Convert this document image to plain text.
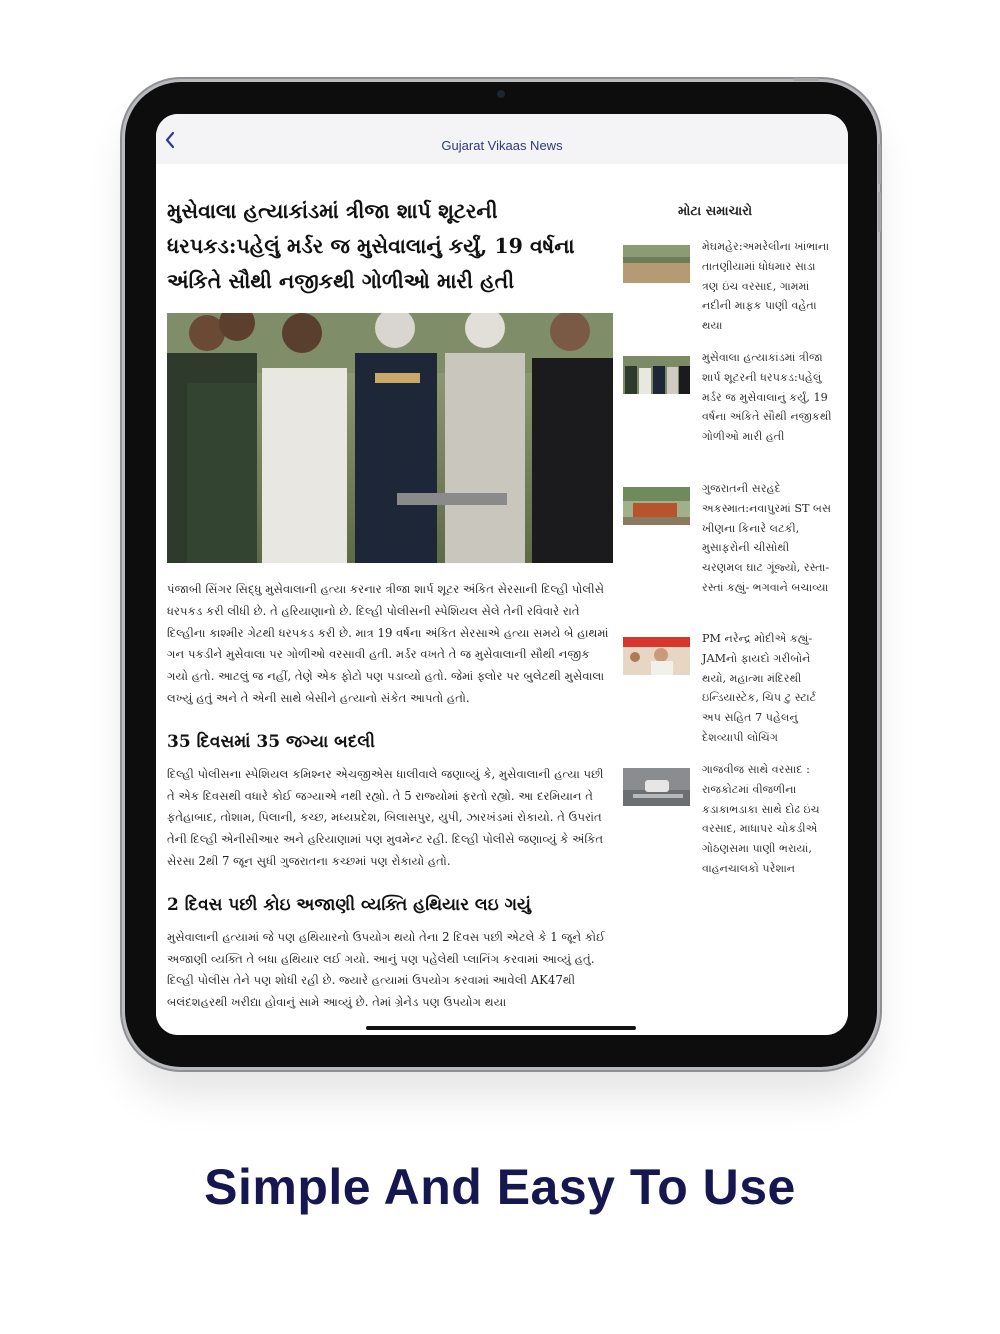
Gujarat Vikaas News
મુસેવાલા હત્યાકાંડમાં ત્રીજા શાર્પ શૂટરની ધરપકડ:પહેલું મર્ડર જ મુસેવાલાનું કર્યું, 19 વર્ષના અંકિતે સૌથી નજીકથી ગોળીઓ મારી હતી

પંજાબી સિંગર સિદ્ધુ મુસેવાલાની હત્યા કરનાર ત્રીજા શાર્પ શૂટર અંકિત સેરસાની દિલ્હી પોલીસે ધરપકડ કરી લીધી છે. તે હરિયાણાનો છે. દિલ્હી પોલીસની સ્પેશિયલ સેલે તેની રવિવારે રાતે દિલ્હીના કાશ્મીર ગેટથી ધરપકડ કરી છે. માત્ર 19 વર્ષના અંકિત સેરસાએ હત્યા સમયે બે હાથમાં ગન પકડીને મુસેવાલા પર ગોળીઓ વરસાવી હતી. મર્ડર વખતે તે જ મુસેવાલાની સૌથી નજીક ગયો હતો. આટલું જ નહીં, તેણે એક ફોટો પણ પડાવ્યો હતો. જેમાં ફ્લોર પર બુલેટથી મુસેવાલા લખ્યું હતું અને તે એની સાથે બેસીને હત્યાનો સંકેત આપતો હતો.

35 દિવસમાં 35 જગ્યા બદલી

દિલ્હી પોલીસના સ્પેશિયલ કમિશ્નર એચજીએસ ધાલીવાલે જણાવ્યું કે, મુસેવાલાની હત્યા પછી તે એક દિવસથી વધારે કોઈ જગ્યાએ નથી રહ્યો. તે 5 રાજ્યોમાં ફરતો રહ્યો. આ દરમિયાન તે ફતેહાબાદ, તોશામ, પિલાની, કચ્છ, મધ્યપ્રદેશ, બિલાસપુર, યુપી, ઝારખંડમાં રોકાયો. તે ઉપરાંત તેની દિલ્હી એનીસીઆર અને હરિયાણામાં પણ મુવમેન્ટ રહી. દિલ્હી પોલીસે જણાવ્યું કે અંકિત સેરસા 2થી 7 જૂન સુધી ગુજરાતના કચ્છમાં પણ રોકાયો હતો.

2 દિવસ પછી કોઇ અજાણી વ્યક્તિ હથિયાર લઇ ગયું

મુસેવાલાની હત્યામાં જે પણ હથિયારનો ઉપયોગ થયો તેના 2 દિવસ પછી એટલે કે 1 જૂને કોઈ અજાણી વ્યક્તિ તે બધા હથિયાર લઈ ગયો. આનું પણ પહેલેથી પ્લાનિંગ કરવામાં આવ્યું હતું. દિલ્હી પોલીસ તેને પણ શોધી રહી છે. જ્યારે હત્યામાં ઉપયોગ કરવામાં આવેલી AK47થી બલંદશહરથી ખરીદ્યા હોવાનું સામે આવ્યું છે. તેમાં ગ્રેનેડ પણ ઉપયોગ થયા

મોટા સમાચારો
મેઘમહેર:અમરેલીના ખાંભાના તાતણીયામાં ધોધમાર સાડા ત્રણ ઇંચ વરસાદ, ગામમાં નદીની માફક પાણી વહેતા થયા
મુસેવાલા હત્યાકાંડમાં ત્રીજા શાર્પ શૂટરની ધરપકડ:પહેલું મર્ડર જ મુસેવાલાનું કર્યું, 19 વર્ષના અંકિતે સૌથી નજીકથી ગોળીઓ મારી હતી
ગુજરાતની સરહદે અકસ્માત:નવાપુરમાં ST બસ ખીણના કિનારે લટકી, મુસાફરોની ચીસોથી ચરણમલ ઘાટ ગૂંજ્યો, રસ્તા-રસ્તાં કહ્યું- ભગવાને બચાવ્યા
PM નરેન્દ્ર મોદીએ કહ્યું- JAMનો ફાયદો ગરીબોને થયો, મહાત્મા મંદિરથી ઇન્ડિયાસ્ટેક, ચિપ ટુ સ્ટાર્ટ અપ સહિત 7 પહેલનું દેશવ્યાપી લોચિંગ
ગાજવીજ સાથે વરસાદ : રાજકોટમાં વીજળીના કડાકાભડાકા સાથે દોઢ ઇંચ વરસાદ, માધાપર ચોકડીએ ગોઠણસમા પાણી ભરાયાં, વાહનચાલકો પરેશાન
Simple And Easy To Use
